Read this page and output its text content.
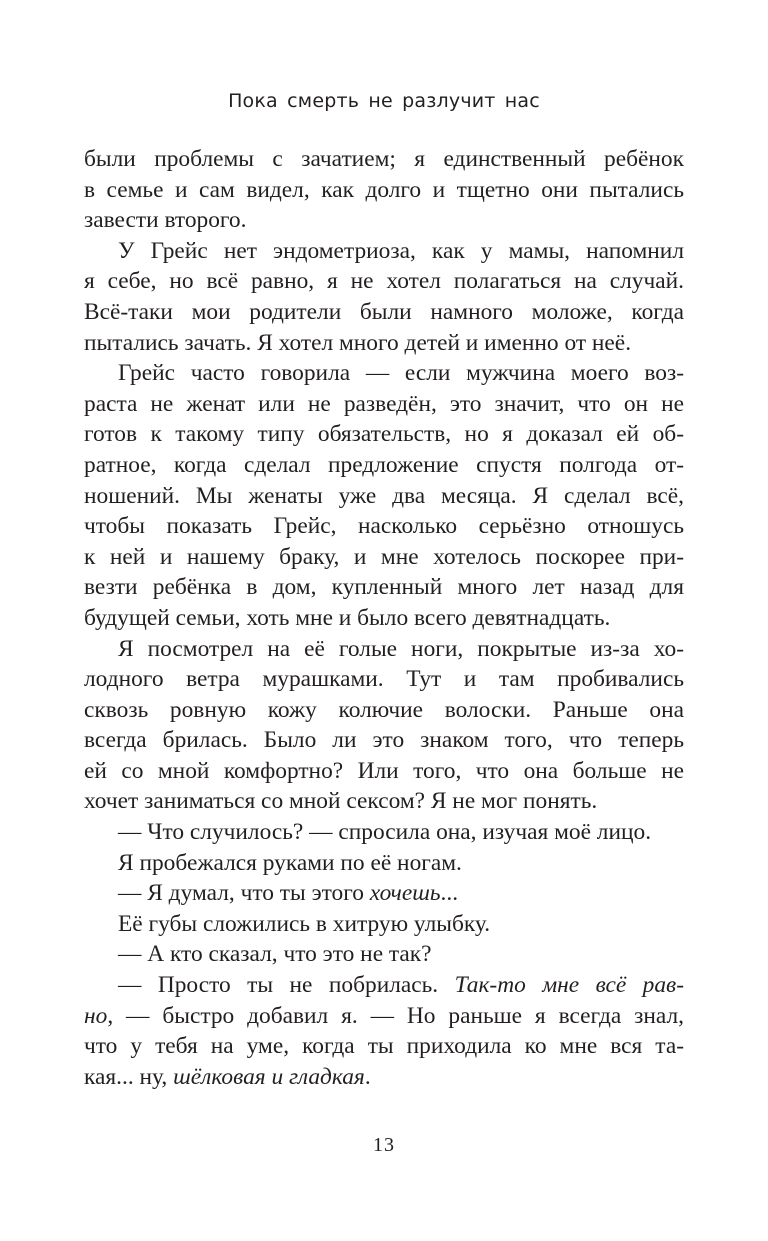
Пока смерть не разлучит нас
были проблемы с зачатием; я единственный ребёнок
в семье и сам видел, как долго и тщетно они пытались
завести второго.
У Грейс нет эндометриоза, как у мамы, напомнил
я себе, но всё равно, я не хотел полагаться на случай.
Всё-таки мои родители были намного моложе, когда
пытались зачать. Я хотел много детей и именно от неё.
Грейс часто говорила — если мужчина моего воз-
раста не женат или не разведён, это значит, что он не
готов к такому типу обязательств, но я доказал ей об-
ратное, когда сделал предложение спустя полгода от-
ношений. Мы женаты уже два месяца. Я сделал всё,
чтобы показать Грейс, насколько серьёзно отношусь
к ней и нашему браку, и мне хотелось поскорее при-
везти ребёнка в дом, купленный много лет назад для
будущей семьи, хоть мне и было всего девятнадцать.
Я посмотрел на её голые ноги, покрытые из-за хо-
лодного ветра мурашками. Тут и там пробивались
сквозь ровную кожу колючие волоски. Раньше она
всегда брилась. Было ли это знаком того, что теперь
ей со мной комфортно? Или того, что она больше не
хочет заниматься со мной сексом? Я не мог понять.
— Что случилось? — спросила она, изучая моё лицо.
Я пробежался руками по её ногам.
— Я думал, что ты этого хочешь...
Её губы сложились в хитрую улыбку.
— А кто сказал, что это не так?
— Просто ты не побрилась. Так-то мне всё рав-
но, — быстро добавил я. — Но раньше я всегда знал,
что у тебя на уме, когда ты приходила ко мне вся та-
кая... ну, шёлковая и гладкая.
13
